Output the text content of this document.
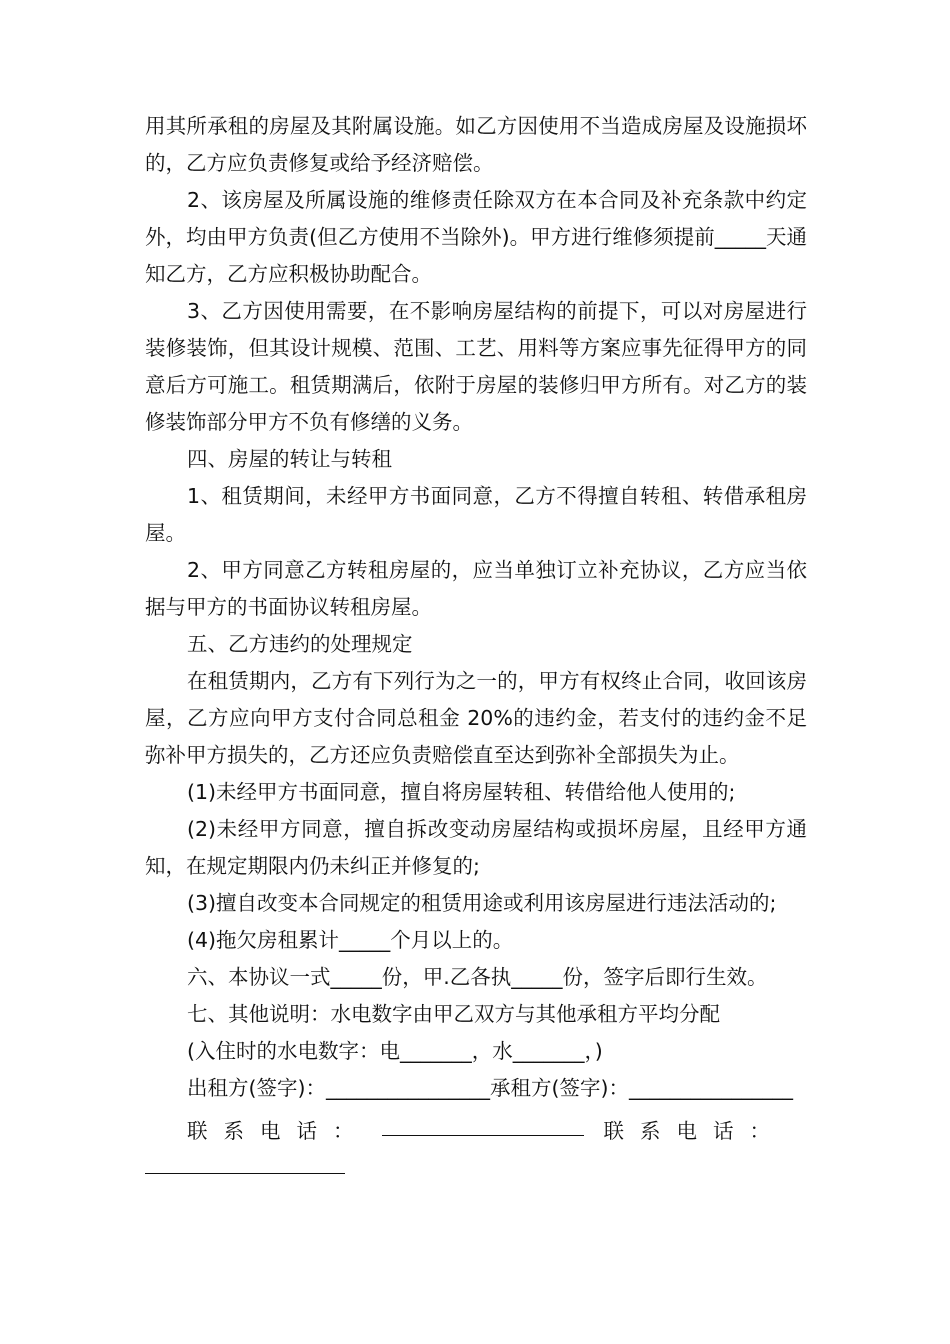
用其所承租的房屋及其附属设施。如乙方因使用不当造成房屋及设施损坏的，乙方应负责修复或给予经济赔偿。

2、该房屋及所属设施的维修责任除双方在本合同及补充条款中约定外，均由甲方负责(但乙方使用不当除外)。甲方进行维修须提前_____天通知乙方，乙方应积极协助配合。

3、乙方因使用需要，在不影响房屋结构的前提下，可以对房屋进行装修装饰，但其设计规模、范围、工艺、用料等方案应事先征得甲方的同意后方可施工。租赁期满后，依附于房屋的装修归甲方所有。对乙方的装修装饰部分甲方不负有修缮的义务。

四、房屋的转让与转租

1、租赁期间，未经甲方书面同意，乙方不得擅自转租、转借承租房屋。

2、甲方同意乙方转租房屋的，应当单独订立补充协议，乙方应当依据与甲方的书面协议转租房屋。

五、乙方违约的处理规定

在租赁期内，乙方有下列行为之一的，甲方有权终止合同，收回该房屋，乙方应向甲方支付合同总租金 20%的违约金，若支付的违约金不足弥补甲方损失的，乙方还应负责赔偿直至达到弥补全部损失为止。

(1)未经甲方书面同意，擅自将房屋转租、转借给他人使用的;

(2)未经甲方同意，擅自拆改变动房屋结构或损坏房屋，且经甲方通知，在规定期限内仍未纠正并修复的;

(3)擅自改变本合同规定的租赁用途或利用该房屋进行违法活动的;

(4)拖欠房租累计_____个月以上的。

六、本协议一式_____份，甲.乙各执_____份，签字后即行生效。

七、其他说明：水电数字由甲乙双方与其他承租方平均分配

(入住时的水电数字：电_______，水_______，)

出租方(签字)：________________承租方(签字)：________________

联系电话：	联系电话：
